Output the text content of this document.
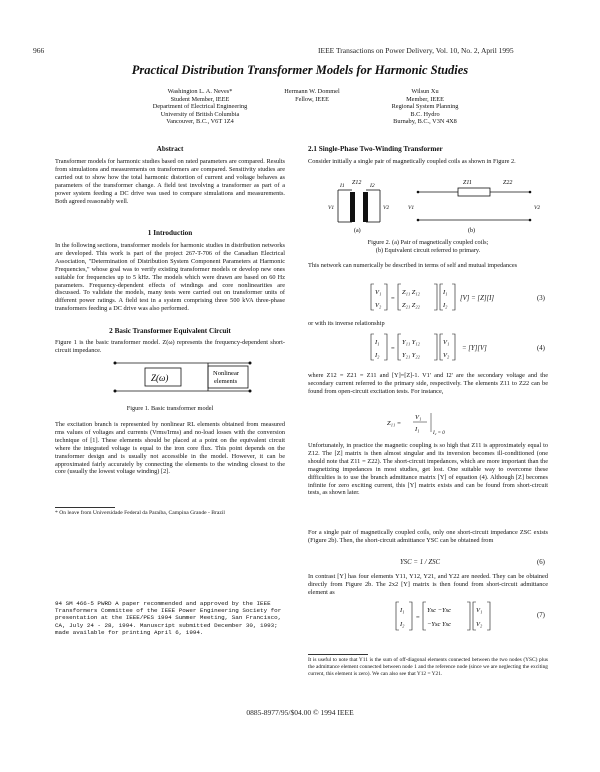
966	IEEE Transactions on Power Delivery, Vol. 10, No. 2, April 1995
Practical Distribution Transformer Models for Harmonic Studies
Washington L. A. Neves*
Student Member, IEEE
Department of Electrical Engineering
University of British Columbia
Vancouver, B.C., V6T 1Z4
Hermann W. Dommel
Fellow, IEEE
Wilsun Xu
Member, IEEE
Regional System Planning
B.C. Hydro
Burnaby, B.C., V3N 4X8
Abstract
Transformer models for harmonic studies based on rated parameters are compared. Results from simulations and measurements on transformers are compared. Sensitivity studies are carried out to show how the total harmonic distortion of current and voltage behaves as parameters of the transformer change. A field test involving a transformer as part of a power system feeding a DC drive was used to compare simulations and measurements. Both agreed reasonably well.
1 Introduction
In the following sections, transformer models for harmonic studies in distribution networks are developed. This work is part of the project 267-T-706 of the Canadian Electrical Association, "Determination of Distribution System Component Parameters at Harmonic Frequencies," whose goal was to verify existing transformer models or develop new ones suitable for frequencies up to 5 kHz. The models which were drawn are based on 60 Hz parameters. Frequency-dependent effects of windings and core nonlinearities are discussed. To validate the models, many tests were carried out on transformer units of different power ratings. A field test in a system comprising three 500 kVA three-phase transformers feeding a DC drive was also performed.
2 Basic Transformer Equivalent Circuit
Figure 1 is the basic transformer model. Z(ω) represents the frequency-dependent short-circuit impedance.
Z(ω)	Nonlinear
elements
Figure 1. Basic transformer model
The excitation branch is represented by nonlinear RL elements obtained from measured rms values of voltages and currents (Vrms/Irms) and no-load losses with the conversion technique of [1]. These elements should be placed at a point on the equivalent circuit where the integrated voltage is equal to the iron core flux. This point depends on the transformer design and is usually not accessible in the model. However, it can be approximated fairly accurately by connecting the elements to the winding closest to the core (usually the lowest voltage winding) [2].
* On leave from Universidade Federal da Paraíba, Campina Grande - Brazil
94 SM 466-5 PWRD A paper recommended and approved by the IEEE Transformers Committee of the IEEE Power Engineering Society for presentation at the IEEE/PES 1994 Summer Meeting, San Francisco, CA, July 24 - 28, 1994. Manuscript submitted December 30, 1993; made available for printing April 6, 1994.
2.1 Single-Phase Two-Winding Transformer
Consider initially a single pair of magnetically coupled coils as shown in Figure 2.
Z12
I1	I2
V1	V2
(a)
Z11	Z22
V1	V2
(b)
Figure 2. (a) Pair of magnetically coupled coils;
(b) Equivalent circuit referred to primary.
This network can numerically be described in terms of self and mutual impedances
V₁
V₂
=
Z₁₁ Z₁₂
Z₂₁ Z₂₂
I₁
I₂
[V] = [Z][I]	(3)
or with its inverse relationship
I₁
I₂
=
Y₁₁ Y₁₂
Y₂₁ Y₂₂
V₁
V₂
= [Y][V]	(4)
where Z12 = Z21 = Z11 and [Y]=[Z]-1. V1' and I2' are the secondary voltage and the secondary current referred to the primary side, respectively. The elements Z11 to Z22 can be found from open-circuit excitation tests. For instance,
Z₁₁ =
V₁
I₁
I₂ = 0
Unfortunately, in practice the magnetic coupling is so high that Z11 is approximately equal to Z12. The [Z] matrix is then almost singular and its inversion becomes ill-conditioned (one should note that Z11 = Z22). The short-circuit impedances, which are more important than the magnetizing impedances in most studies, get lost. One suitable way to overcome these difficulties is to use the branch admittance matrix [Y] of equation (4). Although [Z] becomes infinite for zero exciting current, this [Y] matrix exists and can be found from short-circuit tests, as shown later.
For a single pair of magnetically coupled coils, only one short-circuit impedance ZSC exists (Figure 2b). Then, the short-circuit admittance YSC can be obtained from
YSC = 1 / ZSC	(6)
In contrast [Y] has four elements Y11, Y12, Y21, and Y22 are needed. They can be obtained directly from Figure 2b. The 2x2 [Y] matrix is then found from short-circuit admittance element as
I₁
I₂
=
Ysc −Ysc
−Ysc Ysc
V₁
V₂
(7)
It is useful to note that Y11 is the sum of off-diagonal elements connected between the two nodes (YSC) plus the admittance element connected between node 1 and the reference node (since we are neglecting the exciting current, this element is zero). We can also see that Y12 = Y21.
0885-8977/95/$04.00 © 1994 IEEE
